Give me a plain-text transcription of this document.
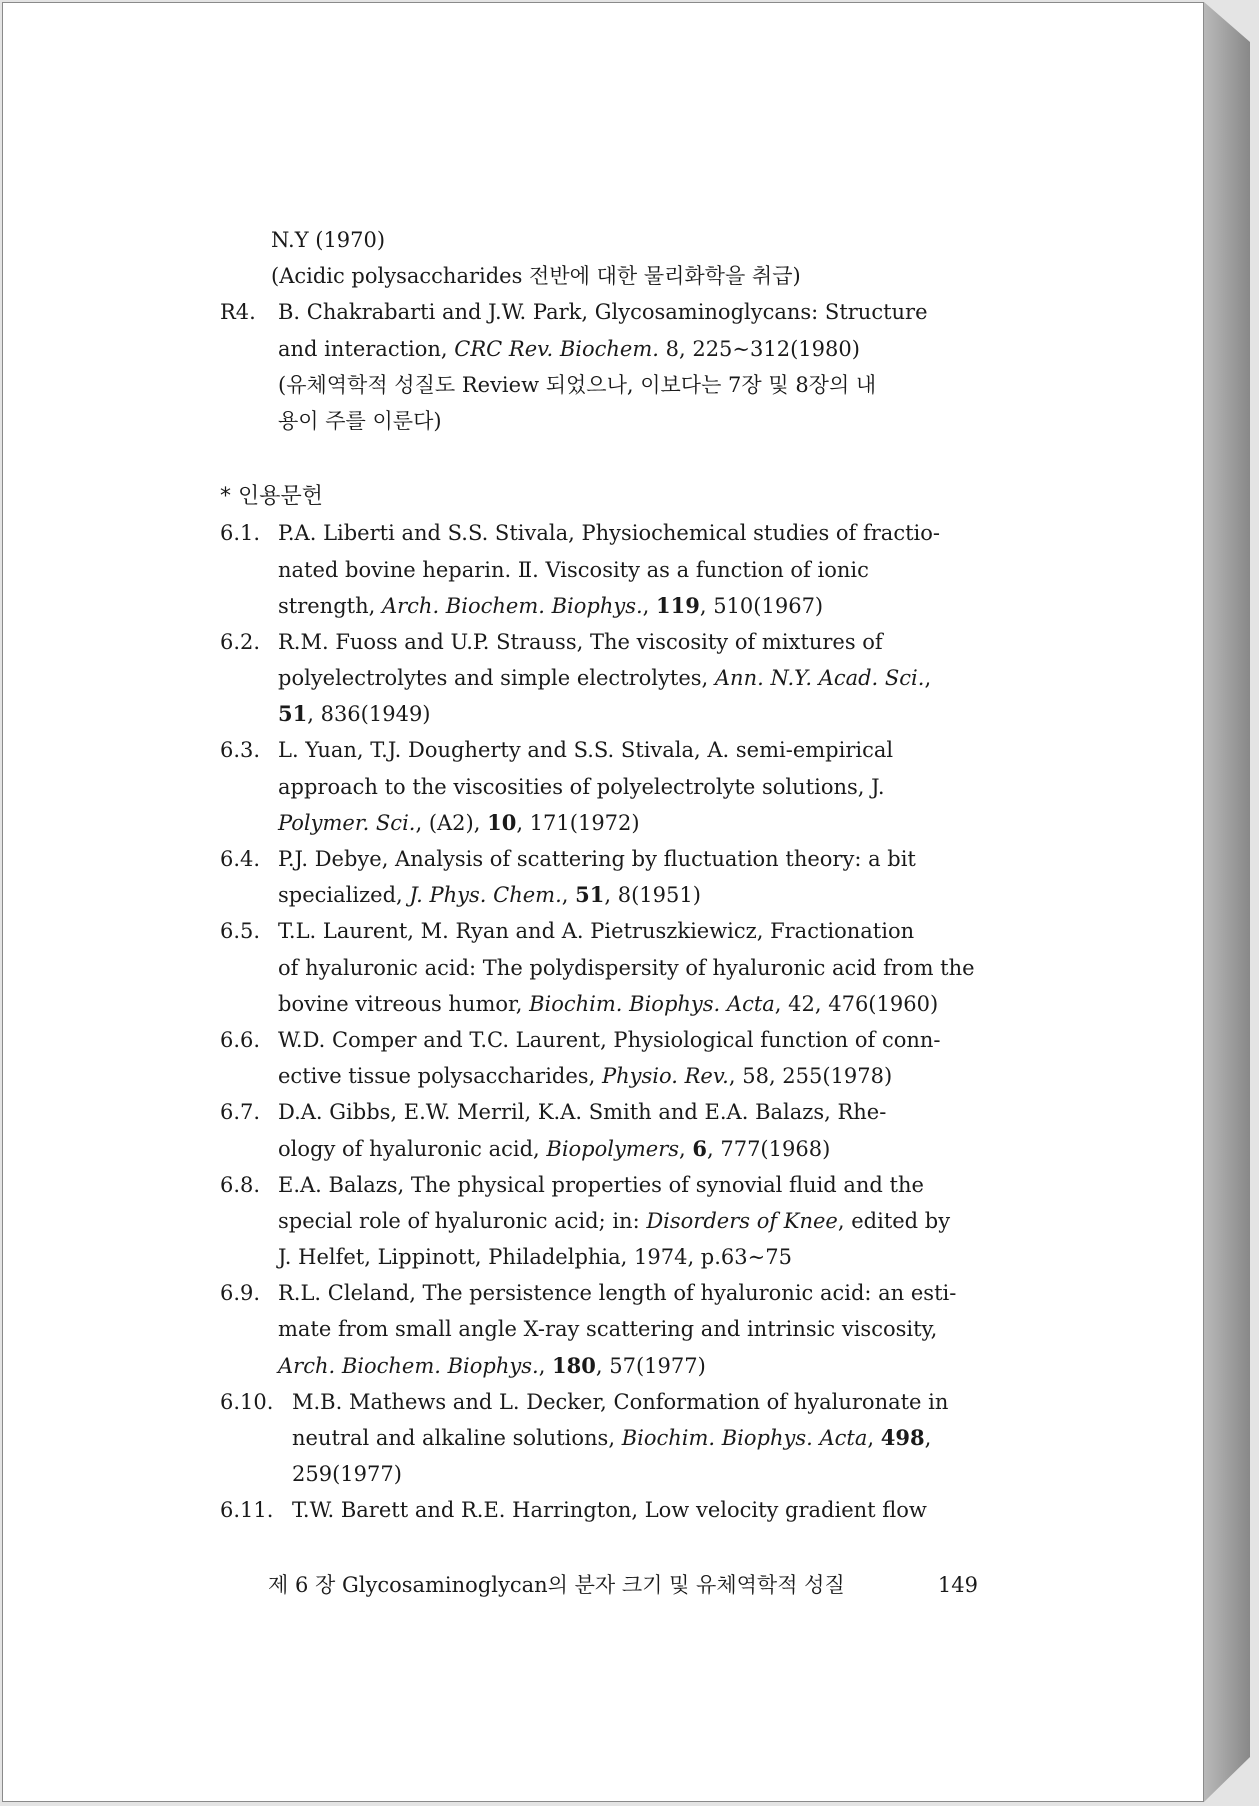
N.Y (1970)
(Acidic polysaccharides 전반에 대한 물리화학을 취급)
R4.	B. Chakrabarti and J.W. Park, Glycosaminoglycans: Structure
and interaction, CRC Rev. Biochem. 8, 225∼312(1980)
(유체역학적 성질도 Review 되었으나, 이보다는 7장 및 8장의 내
용이 주를 이룬다)
* 인용문헌
6.1. P.A. Liberti and S.S. Stivala, Physiochemical studies of fractio-
nated bovine heparin. Ⅱ. Viscosity as a function of ionic
strength, Arch. Biochem. Biophys., 119, 510(1967)
6.2. R.M. Fuoss and U.P. Strauss, The viscosity of mixtures of
polyelectrolytes and simple electrolytes, Ann. N.Y. Acad. Sci.,
51, 836(1949)
6.3. L. Yuan, T.J. Dougherty and S.S. Stivala, A. semi-empirical
approach to the viscosities of polyelectrolyte solutions, J.
Polymer. Sci., (A2), 10, 171(1972)
6.4. P.J. Debye, Analysis of scattering by fluctuation theory: a bit
specialized, J. Phys. Chem., 51, 8(1951)
6.5. T.L. Laurent, M. Ryan and A. Pietruszkiewicz, Fractionation
of hyaluronic acid: The polydispersity of hyaluronic acid from the
bovine vitreous humor, Biochim. Biophys. Acta, 42, 476(1960)
6.6. W.D. Comper and T.C. Laurent, Physiological function of conn-
ective tissue polysaccharides, Physio. Rev., 58, 255(1978)
6.7. D.A. Gibbs, E.W. Merril, K.A. Smith and E.A. Balazs, Rhe-
ology of hyaluronic acid, Biopolymers, 6, 777(1968)
6.8. E.A. Balazs, The physical properties of synovial fluid and the
special role of hyaluronic acid; in: Disorders of Knee, edited by
J. Helfet, Lippinott, Philadelphia, 1974, p.63∼75
6.9. R.L. Cleland, The persistence length of hyaluronic acid: an esti-
mate from small angle X-ray scattering and intrinsic viscosity,
Arch. Biochem. Biophys., 180, 57(1977)
6.10. M.B. Mathews and L. Decker, Conformation of hyaluronate in
neutral and alkaline solutions, Biochim. Biophys. Acta, 498,
259(1977)
6.11. T.W. Barett and R.E. Harrington, Low velocity gradient flow
제 6 장 Glycosaminoglycan의 분자 크기 및 유체역학적 성질	149
